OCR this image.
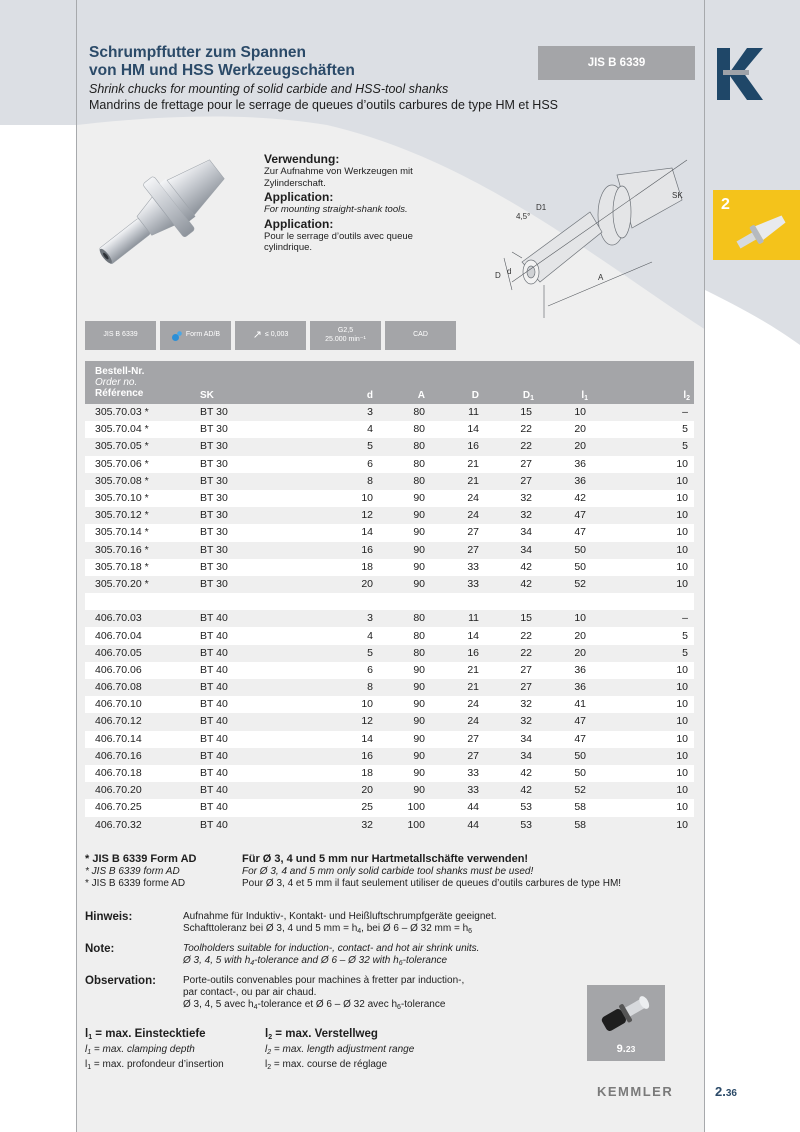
Schrumpffutter zum Spannen
von HM und HSS Werkzeugschäften
Shrink chucks for mounting of solid carbide and HSS-tool shanks
Mandrins de frettage pour le serrage de queues d’outils carbures de type HM et HSS
JIS B 6339
Verwendung:
Zur Aufnahme von Werkzeugen mit Zylinderschaft.
Application:
For mounting straight-shank tools.
Application:
Pour le serrage d’outils avec queue cylindrique.
4,5°
D1
D d
A
SK
JIS B 6339	Form AD/B	↗ ≤ 0,003
G2,5
25.000 min⁻¹
CAD
Bestell-Nr.
Order no.
Référence	SK	d	A	D	$D_1$	$l_1$	$l_2$
305.70.03 *	BT 30	3	80	11	15	10	–
305.70.04 *	BT 30	4	80	14	22	20	5
305.70.05 *	BT 30	5	80	16	22	20	5
305.70.06 *	BT 30	6	80	21	27	36	10
305.70.08 *	BT 30	8	80	21	27	36	10
305.70.10 *	BT 30	10	90	24	32	42	10
305.70.12 *	BT 30	12	90	24	32	47	10
305.70.14 *	BT 30	14	90	27	34	47	10
305.70.16 *	BT 30	16	90	27	34	50	10
305.70.18 *	BT 30	18	90	33	42	50	10
305.70.20 *	BT 30	20	90	33	42	52	10
406.70.03	BT 40	3	80	11	15	10	–
406.70.04	BT 40	4	80	14	22	20	5
406.70.05	BT 40	5	80	16	22	20	5
406.70.06	BT 40	6	90	21	27	36	10
406.70.08	BT 40	8	90	21	27	36	10
406.70.10	BT 40	10	90	24	32	41	10
406.70.12	BT 40	12	90	24	32	47	10
406.70.14	BT 40	14	90	27	34	47	10
406.70.16	BT 40	16	90	27	34	50	10
406.70.18	BT 40	18	90	33	42	50	10
406.70.20	BT 40	20	90	33	42	52	10
406.70.25	BT 40	25	100	44	53	58	10
406.70.32	BT 40	32	100	44	53	58	10
* JIS B 6339 Form AD
* JIS B 6339 form AD
* JIS B 6339 forme AD
Für Ø 3, 4 und 5 mm nur Hartmetallschäfte verwenden!
For Ø 3, 4 and 5 mm only solid carbide tool shanks must be used!
Pour Ø 3, 4 et 5 mm il faut seulement utiliser de queues d’outils carbures de type HM!
Hinweis:	Aufnahme für Induktiv-, Kontakt- und Heißluftschrumpfgeräte geeignet.
Schafttoleranz bei Ø 3, 4 und 5 mm = $h_4$, bei Ø 6 – Ø 32 mm = $h_6$
Note:	Toolholders suitable for induction-, contact- and hot air shrink units.
Ø 3, 4, 5 with $h_4$-tolerance and Ø 6 – Ø 32 with $h_6$-tolerance
Observation:	Porte-outils convenables pour machines à fretter par induction-,
par contact-, ou par air chaud.
Ø 3, 4, 5 avec $h_4$-tolerance et Ø 6 – Ø 32 avec $h_6$-tolerance
$l_1 = \max$. Einstecktiefe
$l_1 = \max$. clamping depth
$l_1 = \max$. profondeur d’insertion
$l_2 = \max$. Verstellweg
$l_2 = \max$. length adjustment range
$l_2 = \max$. course de réglage
9.23
KEMMLER
2
2.36
